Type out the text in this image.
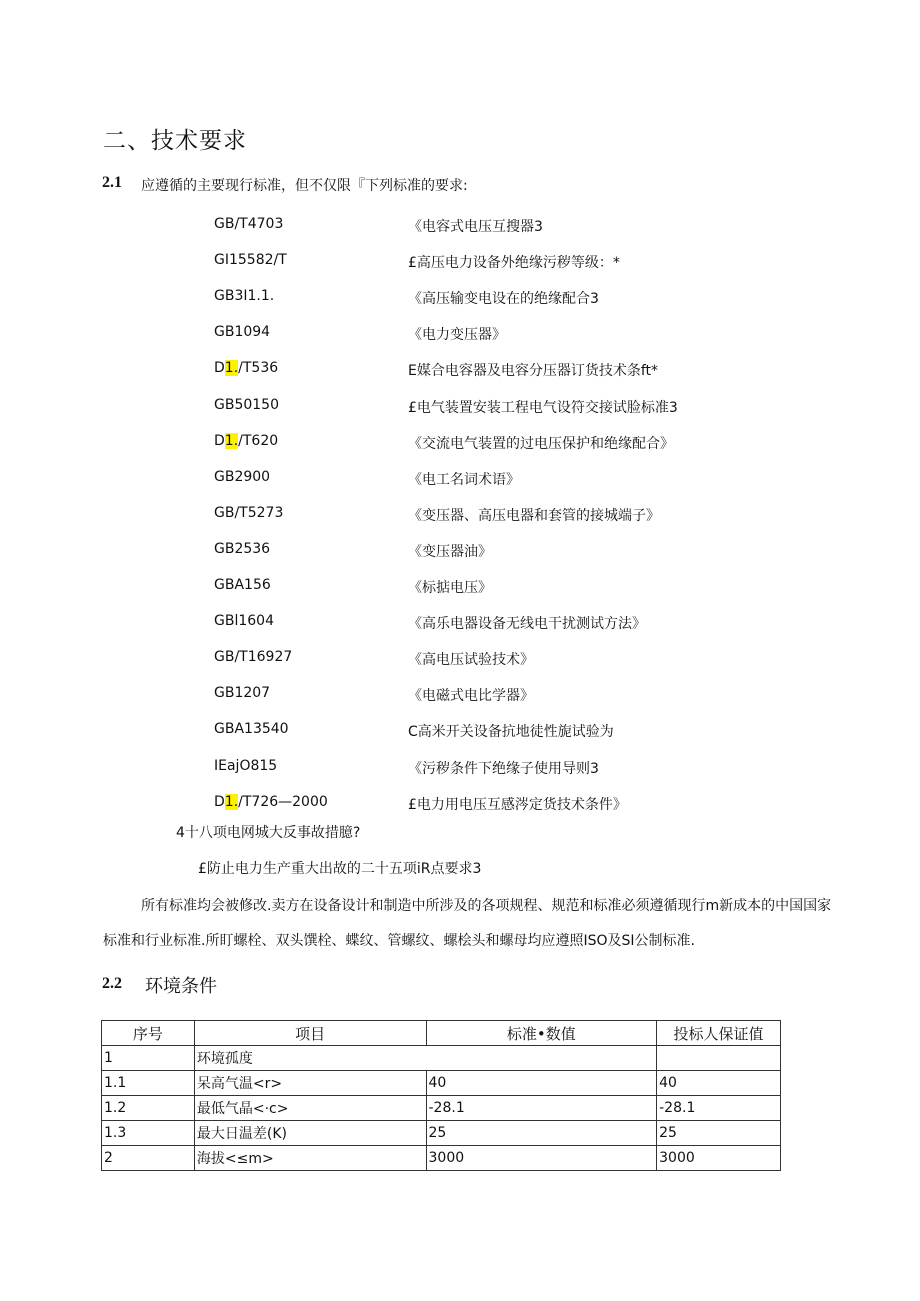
二、技术要求
2.1 应遵循的主要现行标准，但不仅限『下列标准的要求:
GB/T4703	《电容式电压互搜器3
GI15582/T	£高压电力设备外绝缘污秽等级：*
GB3I1.1.	《高压输变电设在的绝缘配合3
GB1094	《电力变压器》
D1./T536	E媒合电容器及电容分压器订货技术条ft*
GB50150	£电气装置安装工程电气设符交接试脸标准3
D1./T620	《交流电气装置的过电压保护和绝缘配合》
GB2900	《电工名词术语》
GB/T5273	《变压器、高压电器和套管的接城端子》
GB2536	《变压器油》
GBA156	《标掂电压》
GBl1604	《高乐电器设备无线电干扰测试方法》
GB/T16927	《高电压试验技术》
GB1207	《电磁式电比学器》
GBA13540	C高米开关设备抗地徒性旎试验为
IEajO815	《污秽条件下绝缘子使用导则3
D1./T726—2000	£电力用电压互感涔定货技术条件》
4十八项电网城大反事故措臆?
£防止电力生产重大出故的二十五项iR点要求3
所有标准均会被修改.卖方在设备设计和制造中所涉及的各项规程、规范和标准必须遵循现行m新成本的中国国家
标准和行业标准.所盯螺栓、双头馔栓、蝶纹、管螺纹、螺桧头和螺母均应遵照ISO及SI公制标准.
2.2 环境条件
序号	项目	标准•数值	投标人保证值
1	环境孤度		
1.1	呆高气温<r>	40	40
1.2	最低气晶<·c>	-28.1	-28.1
1.3	最大日温差(K)	25	25
2	海拔<≤m>	3000	3000
